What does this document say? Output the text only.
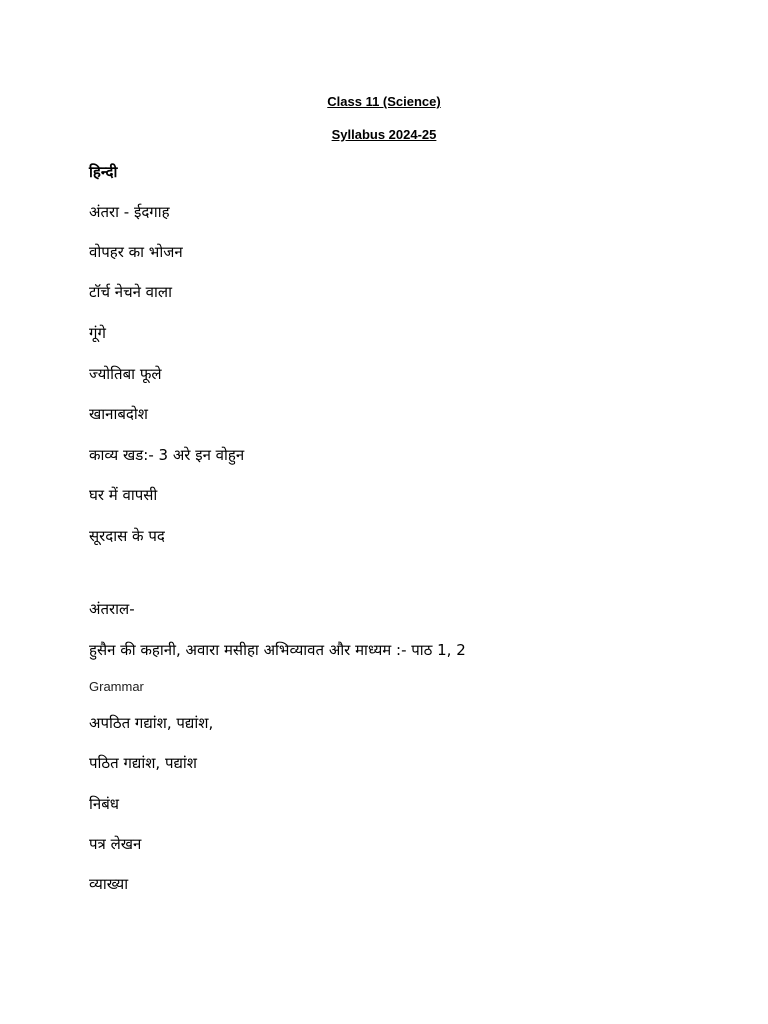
Class 11 (Science)
Syllabus 2024-25
हिन्दी
अंतरा - ईदगाह
वोपहर का भोजन
टॉर्च नेचने वाला
गूंगे
ज्योतिबा फूले
खानाबदोश
काव्य खड:- 3 अरे इन वोहुन
घर में वापसी
सूरदास के पद
अंतराल-
हुसैन की कहानी, अवारा मसीहा अभिव्यावत और माध्यम :- पाठ 1, 2
Grammar
अपठित गद्यांश, पद्यांश,
पठित गद्यांश, पद्यांश
निबंध
पत्र लेखन
व्याख्या
